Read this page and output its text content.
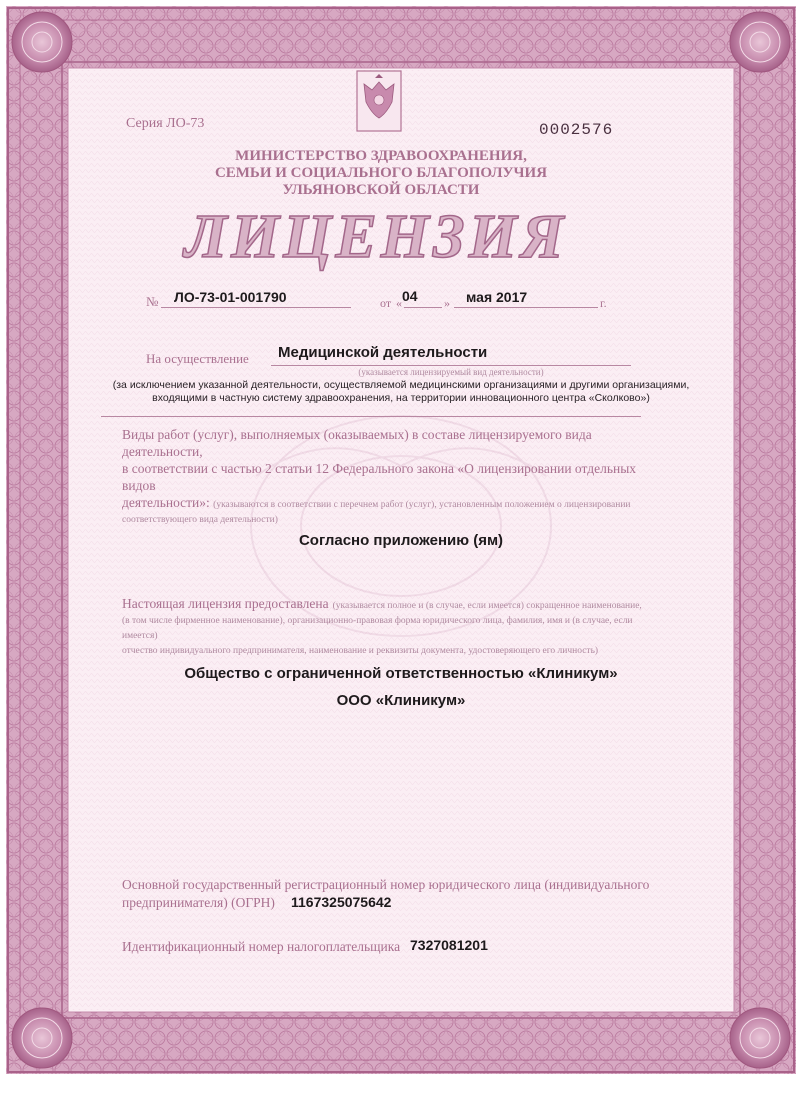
Серия ЛО-73	0002576
МИНИСТЕРСТВО ЗДРАВООХРАНЕНИЯ,
СЕМЬИ И СОЦИАЛЬНОГО БЛАГОПОЛУЧИЯ
УЛЬЯНОВСКОЙ ОБЛАСТИ
ЛИЦЕНЗИЯ
№ ЛО-73-01-001790	от « 04 » мая 2017	г.
На осуществление Медицинской деятельности
(указывается лицензируемый вид деятельности)
(за исключением указанной деятельности, осуществляемой медицинскими организациями и другими организациями,
входящими в частную систему здравоохранения, на территории инновационного центра «Сколково»)
Виды работ (услуг), выполняемых (оказываемых) в составе лицензируемого вида деятельности,
в соответствии с частью 2 статьи 12 Федерального закона «О лицензировании отдельных видов
деятельности»: (указываются в соответствии с перечнем работ (услуг), установленным положением о лицензировании
соответствующего вида деятельности)
Согласно приложению (ям)
Настоящая лицензия предоставлена (указывается полное и (в случае, если имеется) сокращенное наименование,
(в том числе фирменное наименование), организационно-правовая форма юридического лица, фамилия, имя и (в случае, если имеется)
отчество индивидуального предпринимателя, наименование и реквизиты документа, удостоверяющего его личность)
Общество с ограниченной ответственностью «Клиникум»
ООО «Клиникум»
Основной государственный регистрационный номер юридического лица (индивидуального
предпринимателя) (ОГРН)	1167325075642
Идентификационный номер налогоплательщика 7327081201
